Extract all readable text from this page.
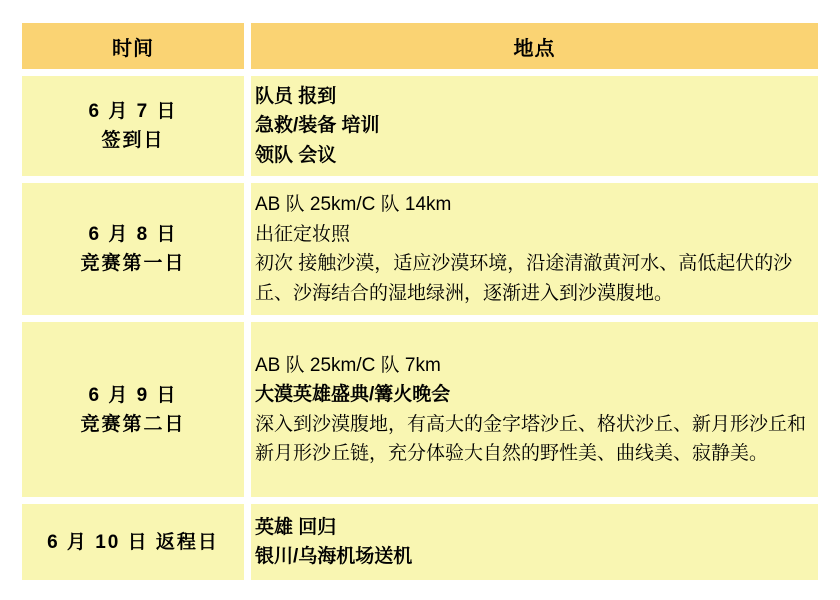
时间	地点
6 月 7 日
签到日
队员 报到
急救/装备 培训
领队 会议
6 月 8 日
竞赛第一日
AB 队 25km/C 队 14km
出征定妆照
初次 接触沙漠，适应沙漠环境，沿途清澈黄河水、高低起伏的沙丘、沙海结合的湿地绿洲，逐渐进入到沙漠腹地。
6 月 9 日
竞赛第二日
AB 队 25km/C 队 7km
大漠英雄盛典/篝火晚会
深入到沙漠腹地，有高大的金字塔沙丘、格状沙丘、新月形沙丘和新月形沙丘链，充分体验大自然的野性美、曲线美、寂静美。
6 月 10 日 返程日
英雄 回归
银川/乌海机场送机
